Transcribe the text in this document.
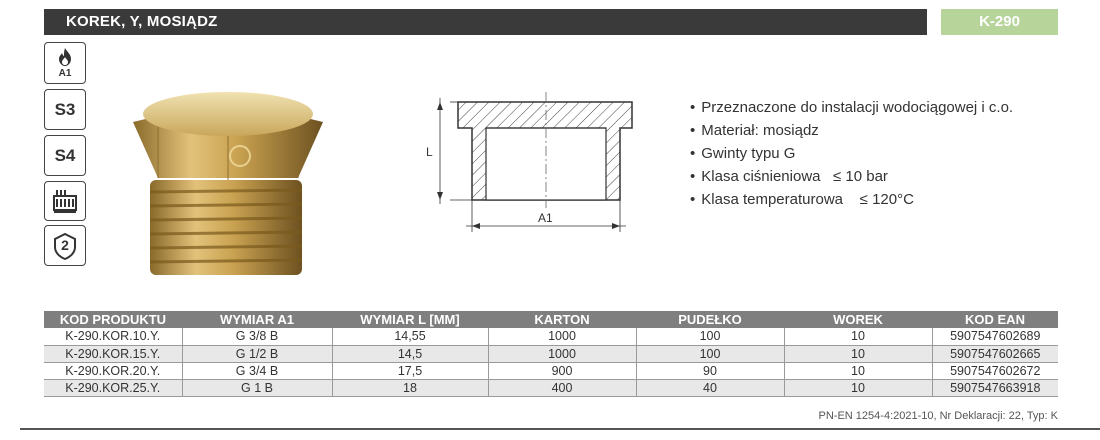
KOREK, Y, MOSIĄDZ	K-290
A1
S3
S4
2
L
A1
• Przeznaczone do instalacji wodociągowej i c.o.
• Materiał: mosiądz
• Gwinty typu G
• Klasa ciśnieniowa   ≤ 10 bar
• Klasa temperaturowa    ≤ 120°C
KOD PRODUKTU	WYMIAR A1	WYMIAR L [MM]	KARTON	PUDEŁKO	WOREK	KOD EAN
K-290.KOR.10.Y.	G 3/8 B	14,55	1000	100	10	5907547602689
K-290.KOR.15.Y.	G 1/2 B	14,5	1000	100	10	5907547602665
K-290.KOR.20.Y.	G 3/4 B	17,5	900	90	10	5907547602672
K-290.KOR.25.Y.	G 1 B	18	400	40	10	5907547663918
PN-EN 1254-4:2021-10, Nr Deklaracji: 22, Typ: K
